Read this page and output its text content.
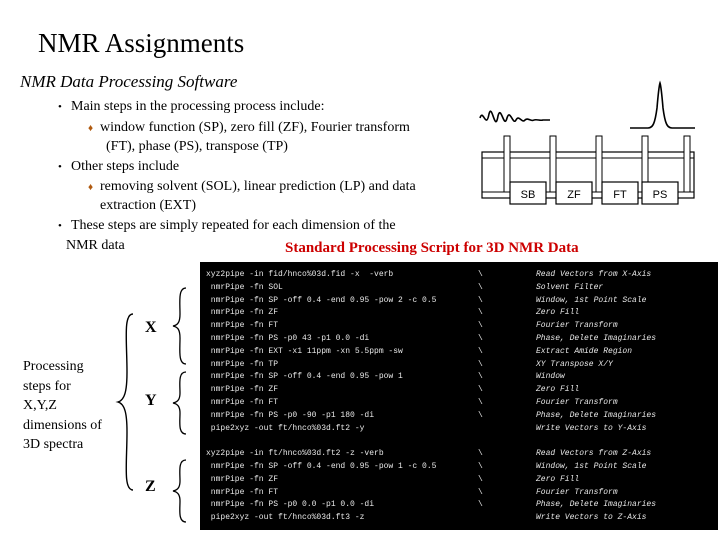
NMR Assignments
NMR Data Processing Software
• Main steps in the processing process include:
♦ window function (SP), zero fill (ZF), Fourier transform
(FT), phase (PS), transpose (TP)
• Other steps include
♦ removing solvent (SOL), linear prediction (LP) and data
extraction (EXT)
• These steps are simply repeated for each dimension of the
NMR data
SB	ZF	FT PS
Standard Processing Script for 3D NMR Data
xyz2pipe -in fid/hnco%03d.fid -x  -verb	\	Read Vectors from X-Axis
nmrPipe -fn SOL	\	Solvent Filter
nmrPipe -fn SP -off 0.4 -end 0.95 -pow 2 -c 0.5	\	Window, 1st Point Scale
nmrPipe -fn ZF	\	Zero Fill
nmrPipe -fn FT	\	Fourier Transform
nmrPipe -fn PS -p0 43 -p1 0.0 -di	\	Phase, Delete Imaginaries
nmrPipe -fn EXT -x1 11ppm -xn 5.5ppm -sw	\	Extract Amide Region
nmrPipe -fn TP	\	XY Transpose X/Y
nmrPipe -fn SP -off 0.4 -end 0.95 -pow 1	\	Window
nmrPipe -fn ZF	\	Zero Fill
nmrPipe -fn FT	\	Fourier Transform
nmrPipe -fn PS -p0 -90 -p1 180 -di	\	Phase, Delete Imaginaries
pipe2xyz -out ft/hnco%03d.ft2 -y	Write Vectors to Y-Axis
xyz2pipe -in ft/hnco%03d.ft2 -z -verb	\	Read Vectors from Z-Axis
nmrPipe -fn SP -off 0.4 -end 0.95 -pow 1 -c 0.5	\	Window, 1st Point Scale
nmrPipe -fn ZF	\	Zero Fill
nmrPipe -fn FT	\	Fourier Transform
nmrPipe -fn PS -p0 0.0 -p1 0.0 -di	\	Phase, Delete Imaginaries
pipe2xyz -out ft/hnco%03d.ft3 -z	Write Vectors to Z-Axis
Processing
steps for
X,Y,Z
dimensions of
3D spectra
X
Y
Z
